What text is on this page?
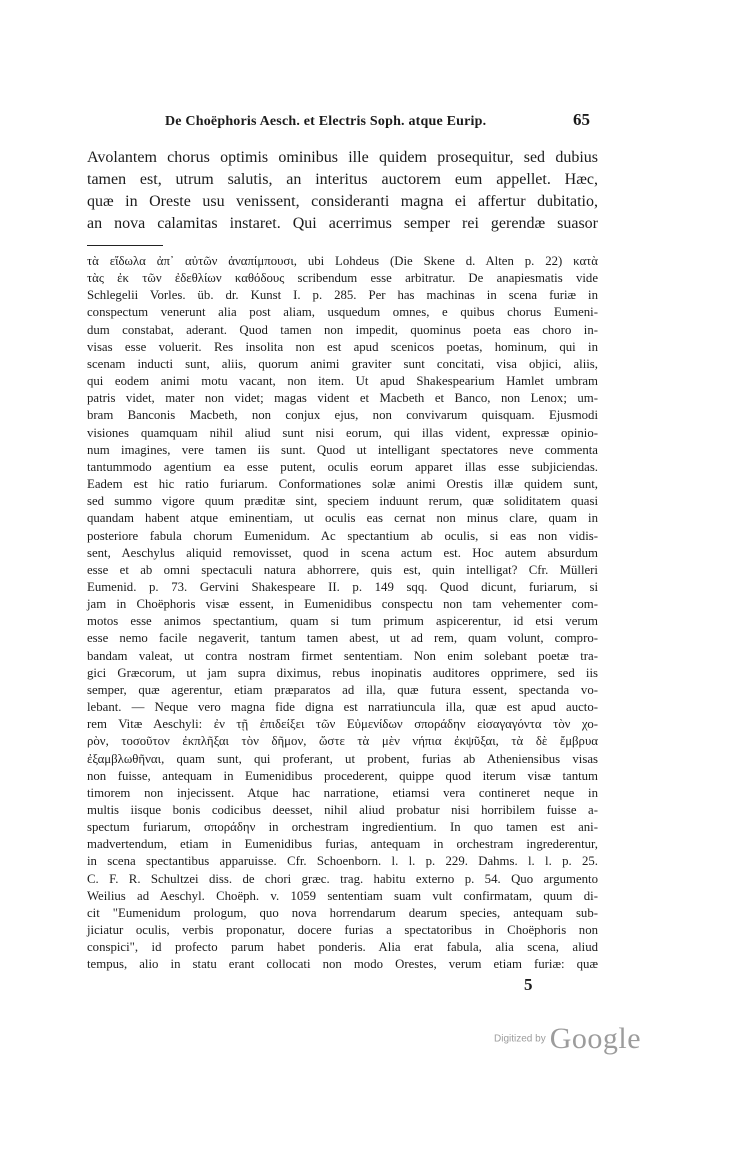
De Choëphoris Aesch. et Electris Soph. atque Eurip.	65
Avolantem chorus optimis ominibus ille quidem prosequitur, sed dubius
tamen est, utrum salutis, an interitus auctorem eum appellet. Hæc,
quæ in Oreste usu venissent, consideranti magna ei affertur dubitatio,
an nova calamitas instaret. Qui acerrimus semper rei gerendæ suasor
τὰ εἴδωλα ἀπ᾽ αὐτῶν ἀναπίμπουσι, ubi Lohdeus (Die Skene d. Alten p. 22) κατὰ
τὰς ἐκ τῶν ἐδεθλίων καθόδους scribendum esse arbitratur. De anapiesmatis vide
Schlegelii Vorles. üb. dr. Kunst I. p. 285. Per has machinas in scena furiæ in
conspectum venerunt alia post aliam, usquedum omnes, e quibus chorus Eumeni-
dum constabat, aderant. Quod tamen non impedit, quominus poeta eas choro in-
visas esse voluerit. Res insolita non est apud scenicos poetas, hominum, qui in
scenam inducti sunt, aliis, quorum animi graviter sunt concitati, visa objici, aliis,
qui eodem animi motu vacant, non item. Ut apud Shakespearium Hamlet umbram
patris videt, mater non videt; magas vident et Macbeth et Banco, non Lenox; um-
bram Banconis Macbeth, non conjux ejus, non convivarum quisquam. Ejusmodi
visiones quamquam nihil aliud sunt nisi eorum, qui illas vident, expressæ opinio-
num imagines, vere tamen iis sunt. Quod ut intelligant spectatores neve commenta
tantummodo agentium ea esse putent, oculis eorum apparet illas esse subjiciendas.
Eadem est hic ratio furiarum. Conformationes solæ animi Orestis illæ quidem sunt,
sed summo vigore quum præditæ sint, speciem induunt rerum, quæ soliditatem quasi
quandam habent atque eminentiam, ut oculis eas cernat non minus clare, quam in
posteriore fabula chorum Eumenidum. Ac spectantium ab oculis, si eas non vidis-
sent, Aeschylus aliquid removisset, quod in scena actum est. Hoc autem absurdum
esse et ab omni spectaculi natura abhorrere, quis est, quin intelligat? Cfr. Mülleri
Eumenid. p. 73. Gervini Shakespeare II. p. 149 sqq. Quod dicunt, furiarum, si
jam in Choëphoris visæ essent, in Eumenidibus conspectu non tam vehementer com-
motos esse animos spectantium, quam si tum primum aspicerentur, id etsi verum
esse nemo facile negaverit, tantum tamen abest, ut ad rem, quam volunt, compro-
bandam valeat, ut contra nostram firmet sententiam. Non enim solebant poetæ tra-
gici Græcorum, ut jam supra diximus, rebus inopinatis auditores opprimere, sed iis
semper, quæ agerentur, etiam præparatos ad illa, quæ futura essent, spectanda vo-
lebant. — Neque vero magna fide digna est narratiuncula illa, quæ est apud aucto-
rem Vitæ Aeschyli: ἐν τῇ ἐπιδείξει τῶν Εὐμενίδων σποράδην εἰσαγαγόντα τὸν χο-
ρὸν, τοσοῦτον ἐκπλῆξαι τὸν δῆμον, ὥστε τὰ μὲν νήπια ἐκψῦξαι, τὰ δὲ ἔμβρυα
ἐξαμβλωθῆναι, quam sunt, qui proferant, ut probent, furias ab Atheniensibus visas
non fuisse, antequam in Eumenidibus procederent, quippe quod iterum visæ tantum
timorem non injecissent. Atque hac narratione, etiamsi vera contineret neque in
multis iisque bonis codicibus deesset, nihil aliud probatur nisi horribilem fuisse a-
spectum furiarum, σποράδην in orchestram ingredientium. In quo tamen est ani-
madvertendum, etiam in Eumenidibus furias, antequam in orchestram ingrederentur,
in scena spectantibus apparuisse. Cfr. Schoenborn. l. l. p. 229. Dahms. l. l. p. 25.
C. F. R. Schultzei diss. de chori græc. trag. habitu externo p. 54. Quo argumento
Weilius ad Aeschyl. Choëph. v. 1059 sententiam suam vult confirmatam, quum di-
cit "Eumenidum prologum, quo nova horrendarum dearum species, antequam sub-
jiciatur oculis, verbis proponatur, docere furias a spectatoribus in Choëphoris non
conspici", id profecto parum habet ponderis. Alia erat fabula, alia scena, aliud
tempus, alio in statu erant collocati non modo Orestes, verum etiam furiæ: quæ
5
Digitized by Google
